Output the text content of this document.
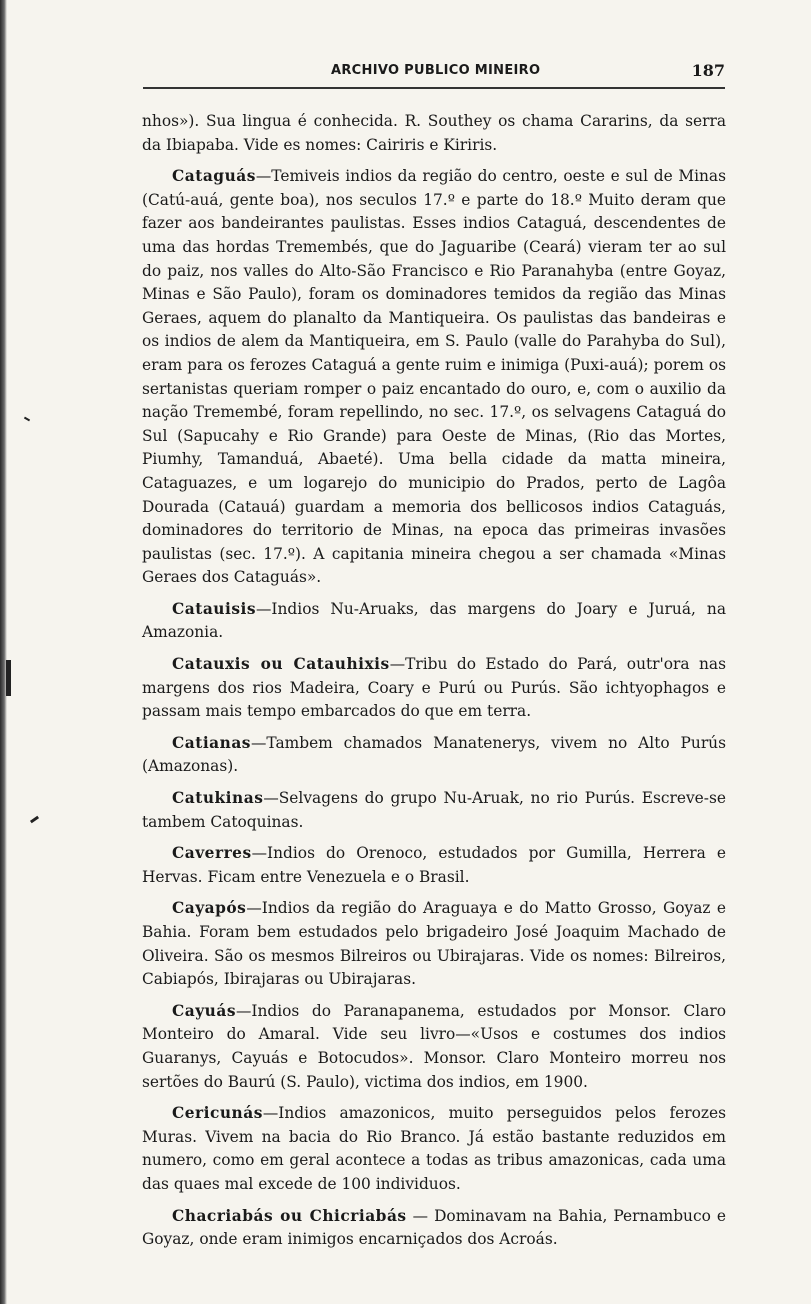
ARCHIVO PUBLICO MINEIRO	187

nhos»). Sua lingua é conhecida. R. Southey os chama Cararins, da serra da Ibiapaba. Vide es nomes: Cairiris e Kiriris.

Cataguás—Temiveis indios da região do centro, oeste e sul de Minas (Catú-auá, gente boa), nos seculos 17.º e parte do 18.º Muito deram que fazer aos bandeirantes paulistas. Esses indios Cataguá, descendentes de uma das hordas Tremembés, que do Jaguaribe (Ceará) vieram ter ao sul do paiz, nos valles do Alto-São Francisco e Rio Paranahyba (entre Goyaz, Minas e São Paulo), foram os dominadores temidos da região das Minas Geraes, aquem do planalto da Mantiqueira. Os paulistas das bandeiras e os indios de alem da Mantiqueira, em S. Paulo (valle do Parahyba do Sul), eram para os ferozes Cataguá a gente ruim e inimiga (Puxi-auá); porem os sertanistas queriam romper o paiz encantado do ouro, e, com o auxilio da nação Tremembé, foram repellindo, no sec. 17.º, os selvagens Cataguá do Sul (Sapucahy e Rio Grande) para Oeste de Minas, (Rio das Mortes, Piumhy, Tamanduá, Abaeté). Uma bella cidade da matta mineira, Cataguazes, e um logarejo do municipio do Prados, perto de Lagôa Dourada (Catauá) guardam a memoria dos bellicosos indios Cataguás, dominadores do territorio de Minas, na epoca das primeiras invasões paulistas (sec. 17.º). A capitania mineira chegou a ser chamada «Minas Geraes dos Cataguás».

Catauisis—Indios Nu-Aruaks, das margens do Joary e Juruá, na Amazonia.

Catauxis ou Catauhixis—Tribu do Estado do Pará, outr'ora nas margens dos rios Madeira, Coary e Purú ou Purús. São ichtyophagos e passam mais tempo embarcados do que em terra.

Catianas—Tambem chamados Manatenerys, vivem no Alto Purús (Amazonas).

Catukinas—Selvagens do grupo Nu-Aruak, no rio Purús. Escreve-se tambem Catoquinas.

Caverres—Indios do Orenoco, estudados por Gumilla, Herrera e Hervas. Ficam entre Venezuela e o Brasil.

Cayapós—Indios da região do Araguaya e do Matto Grosso, Goyaz e Bahia. Foram bem estudados pelo brigadeiro José Joaquim Machado de Oliveira. São os mesmos Bilreiros ou Ubirajaras. Vide os nomes: Bilreiros, Cabiapós, Ibirajaras ou Ubirajaras.

Cayuás—Indios do Paranapanema, estudados por Monsor. Claro Monteiro do Amaral. Vide seu livro—«Usos e costumes dos indios Guaranys, Cayuás e Botocudos». Monsor. Claro Monteiro morreu nos sertões do Baurú (S. Paulo), victima dos indios, em 1900.

Cericunás—Indios amazonicos, muito perseguidos pelos ferozes Muras. Vivem na bacia do Rio Branco. Já estão bastante reduzidos em numero, como em geral acontece a todas as tribus amazonicas, cada uma das quaes mal excede de 100 individuos.

Chacriabás ou Chicriabás — Dominavam na Bahia, Pernambuco e Goyaz, onde eram inimigos encarniçados dos Acroás.
